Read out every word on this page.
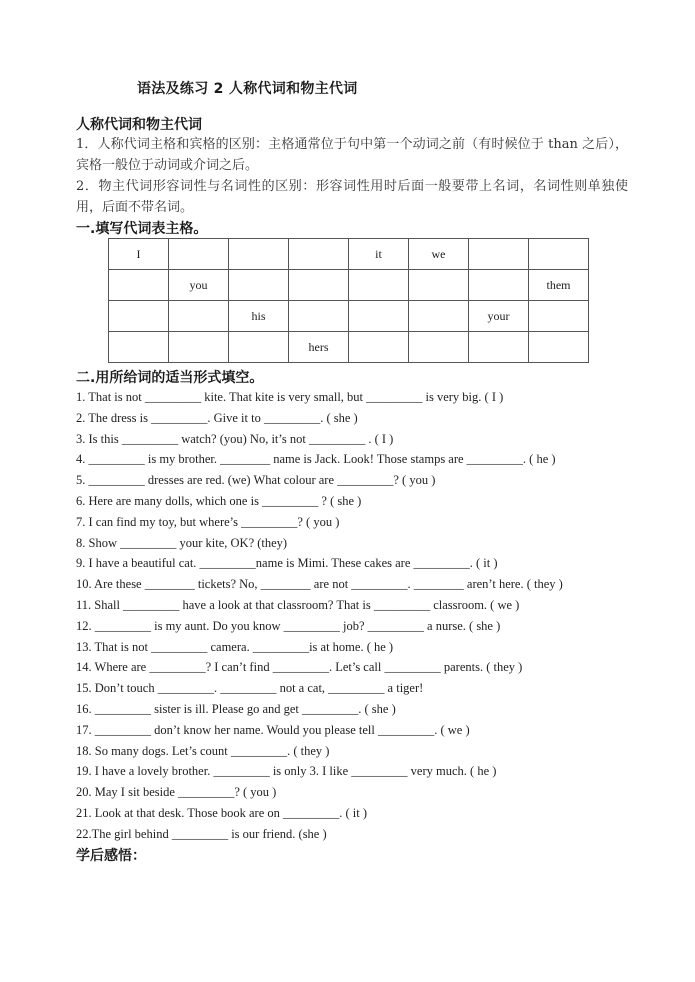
语法及练习 2 人称代词和物主代词
人称代词和物主代词
1．人称代词主格和宾格的区别：主格通常位于句中第一个动词之前（有时候位于 than 之后），宾格一般位于动词或介词之后。
2．物主代词形容词性与名词性的区别：形容词性用时后面一般要带上名词，名词性则单独使用，后面不带名词。
一.填写代词表主格。
I				it	we		
	you						them
		his				your	
			hers				
二.用所给词的适当形式填空。
1. That is not _________ kite. That kite is very small, but _________ is very big. ( I )
2. The dress is _________. Give it to _________. ( she )
3. Is this _________ watch? (you) No, it’s not _________ . ( I )
4. _________ is my brother. ________ name is Jack. Look! Those stamps are _________. ( he )
5. _________ dresses are red. (we) What colour are _________? ( you )
6. Here are many dolls, which one is _________ ? ( she )
7. I can find my toy, but where’s _________? ( you )
8. Show _________ your kite, OK? (they)
9. I have a beautiful cat. _________name is Mimi. These cakes are _________. ( it )
10. Are these ________ tickets? No, ________ are not _________. ________ aren’t here. ( they )
11. Shall _________ have a look at that classroom? That is _________ classroom. ( we )
12. _________ is my aunt. Do you know _________ job? _________ a nurse. ( she )
13. That is not _________ camera. _________is at home. ( he )
14. Where are _________? I can’t find _________. Let’s call _________ parents. ( they )
15. Don’t touch _________. _________ not a cat, _________ a tiger!
16. _________ sister is ill. Please go and get _________. ( she )
17. _________ don’t know her name. Would you please tell _________. ( we )
18. So many dogs. Let’s count _________. ( they )
19. I have a lovely brother. _________ is only 3. I like _________ very much. ( he )
20. May I sit beside _________? ( you )
21. Look at that desk. Those book are on _________. ( it )
22.The girl behind _________ is our friend. (she )
学后感悟：
